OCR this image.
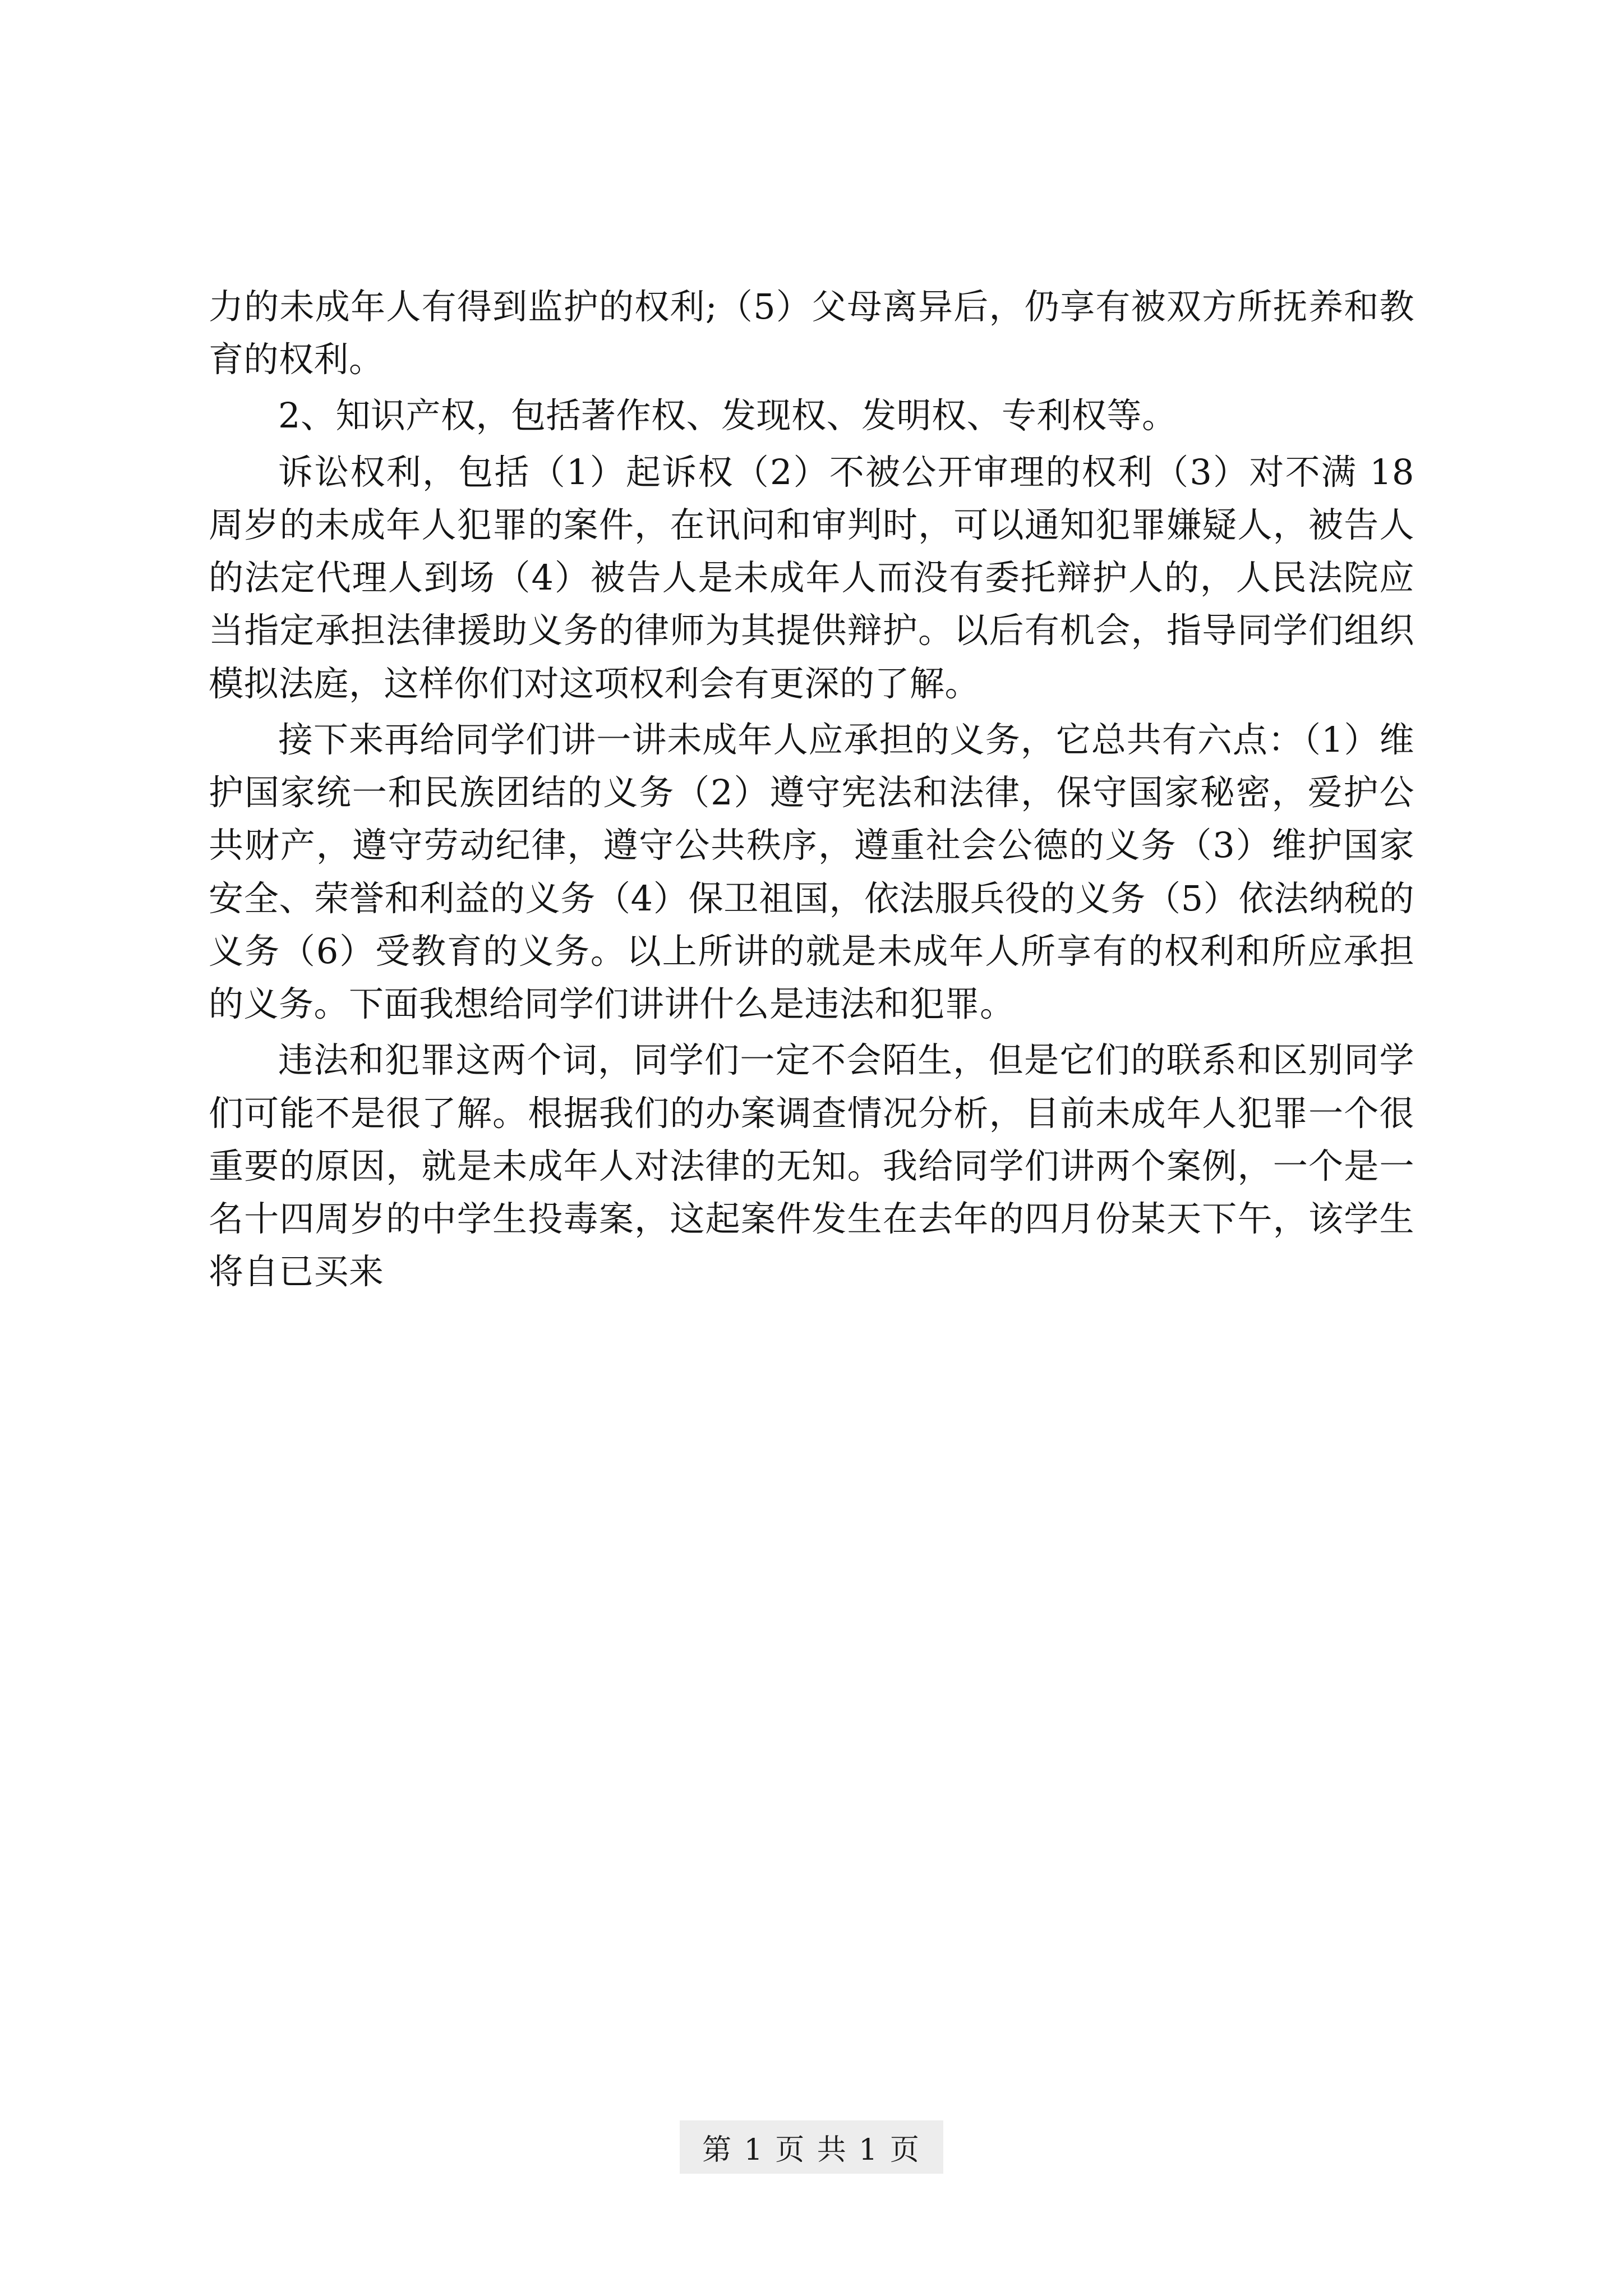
力的未成年人有得到监护的权利;（5）父母离异后，仍享有被双方所抚养和教育的权利。

2、知识产权，包括著作权、发现权、发明权、专利权等。

诉讼权利，包括（1）起诉权（2）不被公开审理的权利（3）对不满 18 周岁的未成年人犯罪的案件，在讯问和审判时，可以通知犯罪嫌疑人，被告人的法定代理人到场（4）被告人是未成年人而没有委托辩护人的，人民法院应当指定承担法律援助义务的律师为其提供辩护。以后有机会，指导同学们组织模拟法庭，这样你们对这项权利会有更深的了解。

接下来再给同学们讲一讲未成年人应承担的义务，它总共有六点：（1）维护国家统一和民族团结的义务（2）遵守宪法和法律，保守国家秘密，爱护公共财产，遵守劳动纪律，遵守公共秩序，遵重社会公德的义务（3）维护国家安全、荣誉和利益的义务（4）保卫祖国，依法服兵役的义务（5）依法纳税的义务（6）受教育的义务。以上所讲的就是未成年人所享有的权利和所应承担的义务。下面我想给同学们讲讲什么是违法和犯罪。

违法和犯罪这两个词，同学们一定不会陌生，但是它们的联系和区别同学们可能不是很了解。根据我们的办案调查情况分析，目前未成年人犯罪一个很重要的原因，就是未成年人对法律的无知。我给同学们讲两个案例，一个是一名十四周岁的中学生投毒案，这起案件发生在去年的四月份某天下午，该学生将自已买来

第 1 页 共 1 页
